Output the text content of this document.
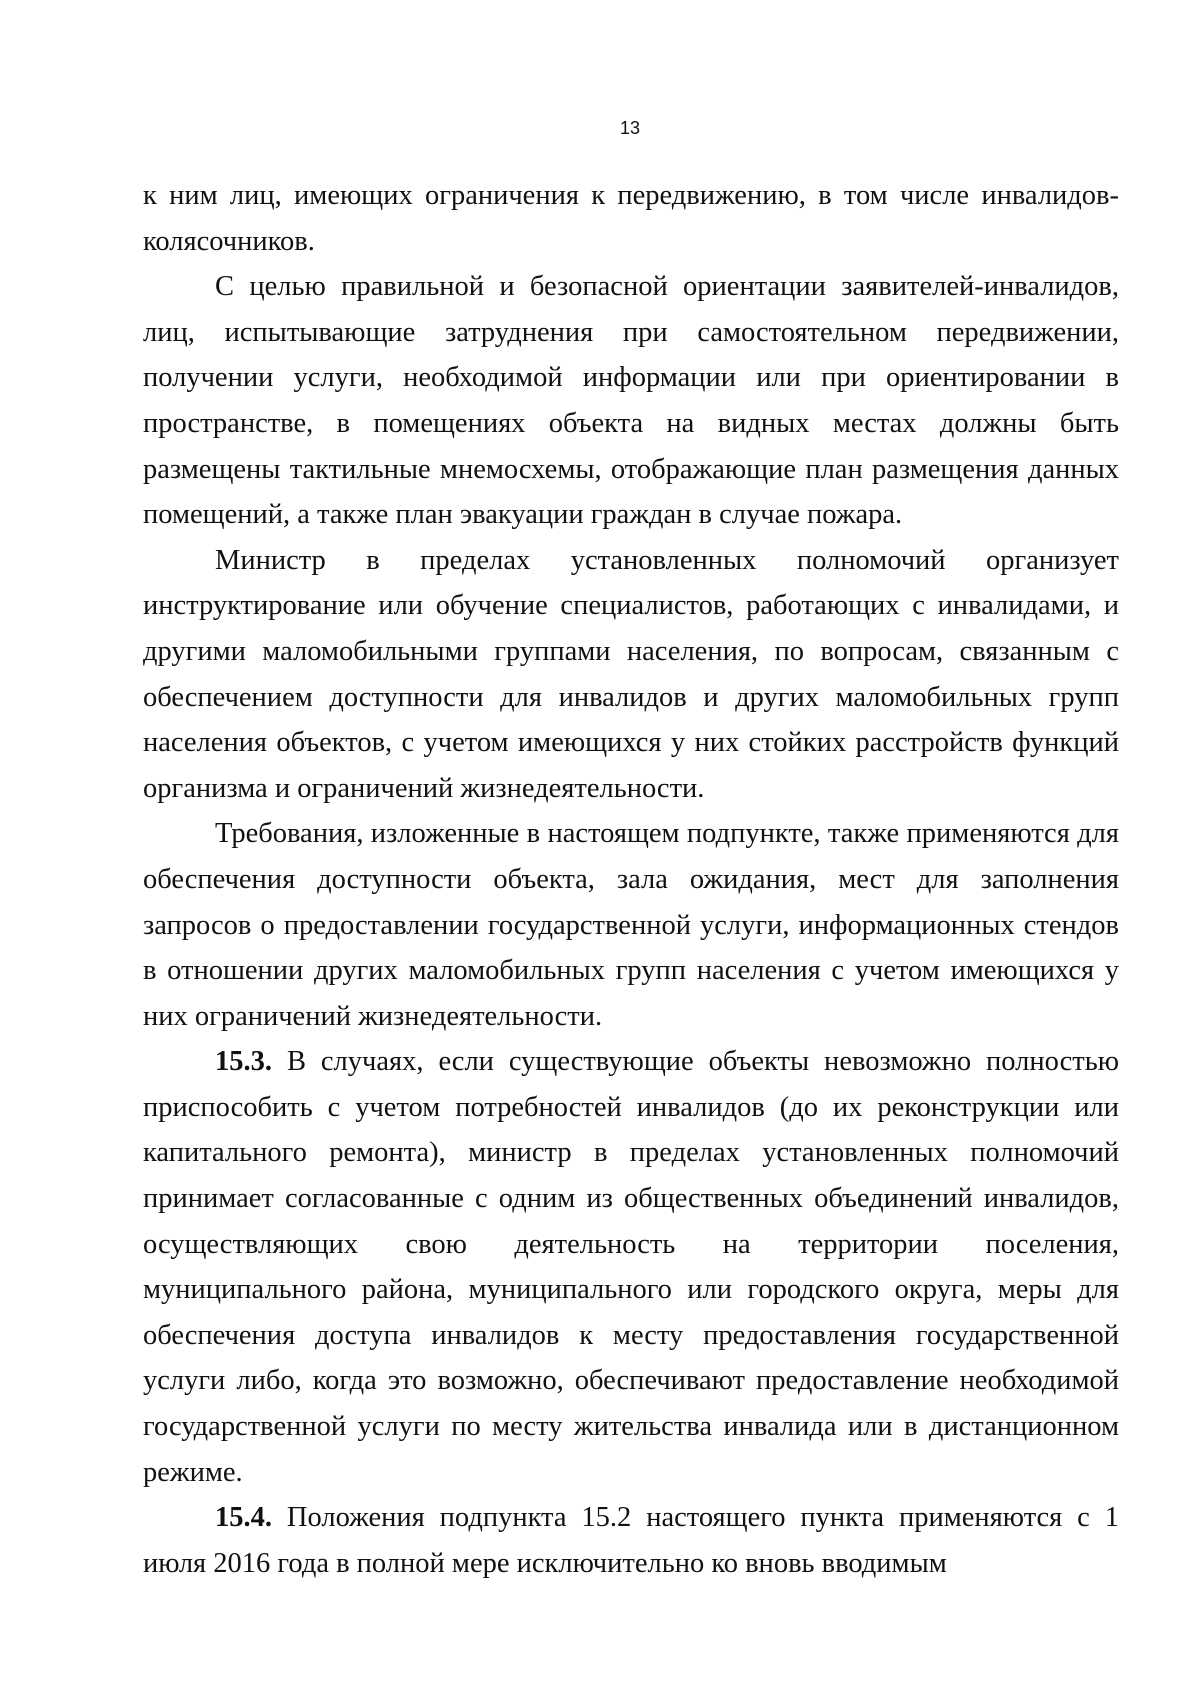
13

к ним лиц, имеющих ограничения к передвижению, в том числе инвалидов-колясочников.

С целью правильной и безопасной ориентации заявителей-инвалидов, лиц, испытывающие затруднения при самостоятельном передвижении, получении услуги, необходимой информации или при ориентировании в пространстве, в помещениях объекта на видных местах должны быть размещены тактильные мнемосхемы, отображающие план размещения данных помещений, а также план эвакуации граждан в случае пожара.

Министр в пределах установленных полномочий организует инструктирование или обучение специалистов, работающих с инвалидами, и другими маломобильными группами населения, по вопросам, связанным с обеспечением доступности для инвалидов и других маломобильных групп населения объектов, с учетом имеющихся у них стойких расстройств функций организма и ограничений жизнедеятельности.

Требования, изложенные в настоящем подпункте, также применяются для обеспечения доступности объекта, зала ожидания, мест для заполнения запросов о предоставлении государственной услуги, информационных стендов в отношении других маломобильных групп населения с учетом имеющихся у них ограничений жизнедеятельности.

15.3. В случаях, если существующие объекты невозможно полностью приспособить с учетом потребностей инвалидов (до их реконструкции или капитального ремонта), министр в пределах установленных полномочий принимает согласованные с одним из общественных объединений инвалидов, осуществляющих свою деятельность на территории поселения, муниципального района, муниципального или городского округа, меры для обеспечения доступа инвалидов к месту предоставления государственной услуги либо, когда это возможно, обеспечивают предоставление необходимой государственной услуги по месту жительства инвалида или в дистанционном режиме.

15.4. Положения подпункта 15.2 настоящего пункта применяются с 1 июля 2016 года в полной мере исключительно ко вновь вводимым
